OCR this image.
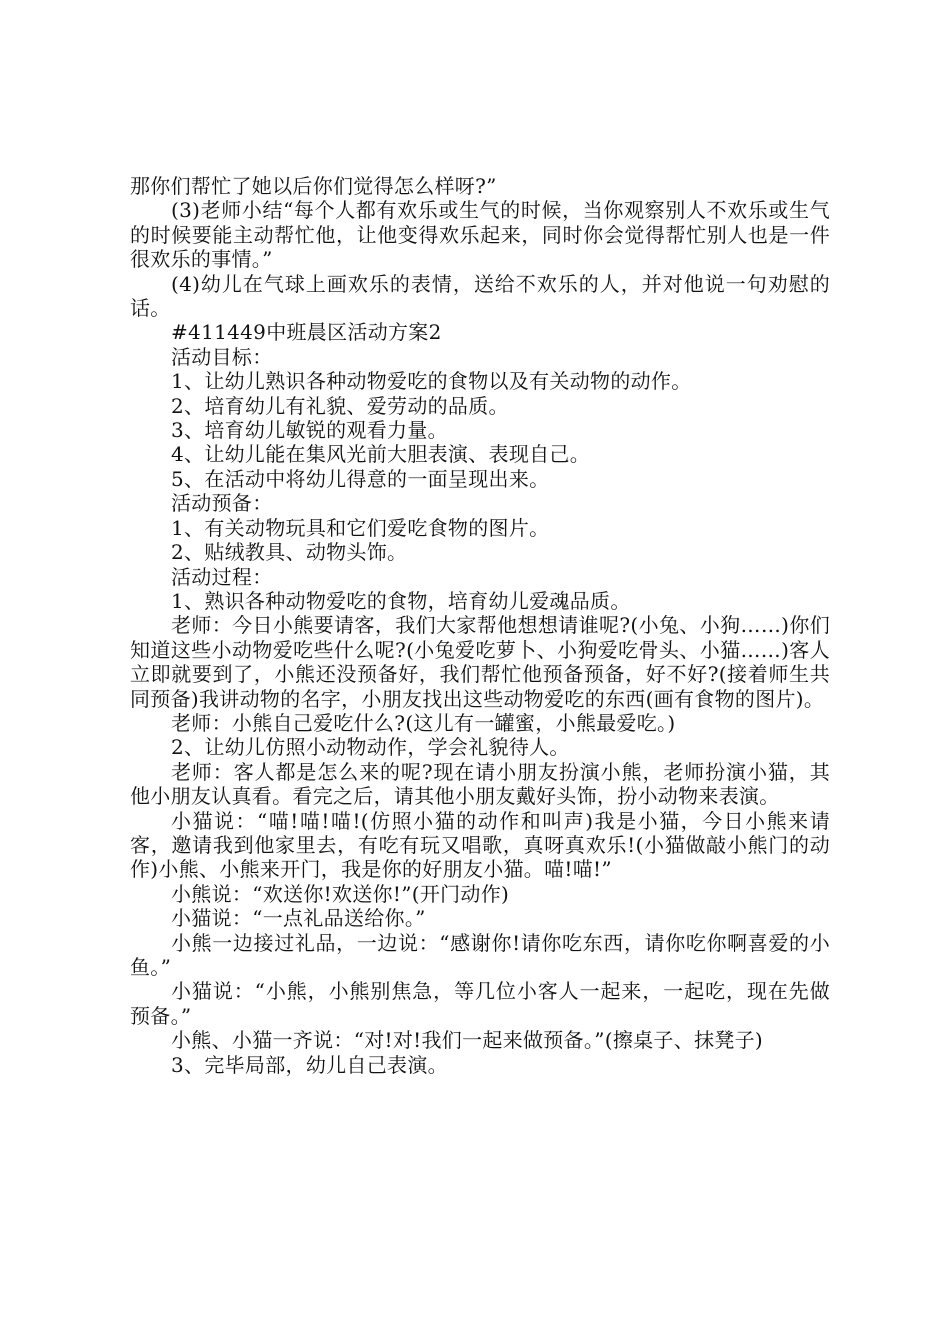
那你们帮忙了她以后你们觉得怎么样呀?”

(3)老师小结“每个人都有欢乐或生气的时候，当你观察别人不欢乐或生气的时候要能主动帮忙他，让他变得欢乐起来，同时你会觉得帮忙别人也是一件很欢乐的事情。”

(4)幼儿在气球上画欢乐的表情，送给不欢乐的人，并对他说一句劝慰的话。

#411449中班晨区活动方案2

活动目标：

1、让幼儿熟识各种动物爱吃的食物以及有关动物的动作。

2、培育幼儿有礼貌、爱劳动的品质。

3、培育幼儿敏锐的观看力量。

4、让幼儿能在集风光前大胆表演、表现自己。

5、在活动中将幼儿得意的一面呈现出来。

活动预备：

1、有关动物玩具和它们爱吃食物的图片。

2、贴绒教具、动物头饰。

活动过程：

1、熟识各种动物爱吃的食物，培育幼儿爱魂品质。

老师：今日小熊要请客，我们大家帮他想想请谁呢?(小兔、小狗……)你们知道这些小动物爱吃些什么呢?(小兔爱吃萝卜、小狗爱吃骨头、小猫……)客人立即就要到了，小熊还没预备好，我们帮忙他预备预备，好不好?(接着师生共同预备)我讲动物的名字，小朋友找出这些动物爱吃的东西(画有食物的图片)。

老师：小熊自己爱吃什么?(这儿有一罐蜜，小熊最爱吃。)

2、让幼儿仿照小动物动作，学会礼貌待人。

老师：客人都是怎么来的呢?现在请小朋友扮演小熊，老师扮演小猫，其他小朋友认真看。看完之后，请其他小朋友戴好头饰，扮小动物来表演。

小猫说：“喵!喵!喵!(仿照小猫的动作和叫声)我是小猫，今日小熊来请客，邀请我到他家里去，有吃有玩又唱歌，真呀真欢乐!(小猫做敲小熊门的动作)小熊、小熊来开门，我是你的好朋友小猫。喵!喵!”

小熊说：“欢送你!欢送你!”(开门动作)

小猫说：“一点礼品送给你。”

小熊一边接过礼品，一边说：“感谢你!请你吃东西，请你吃你啊喜爱的小鱼。”

小猫说：“小熊，小熊别焦急，等几位小客人一起来，一起吃，现在先做预备。”

小熊、小猫一齐说：“对!对!我们一起来做预备。”(擦桌子、抹凳子)

3、完毕局部，幼儿自己表演。
